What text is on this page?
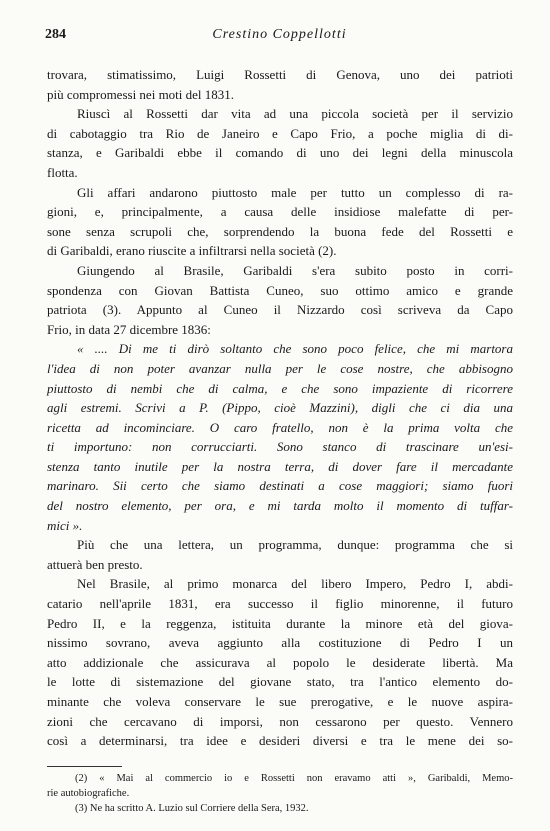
284	Crestino Coppellotti
trovara, stimatissimo, Luigi Rossetti di Genova, uno dei patrioti
più compromessi nei moti del 1831.
Riuscì al Rossetti dar vita ad una piccola società per il servizio
di cabotaggio tra Rio de Janeiro e Capo Frio, a poche miglia di di-
stanza, e Garibaldi ebbe il comando di uno dei legni della minuscola
flotta.
Gli affari andarono piuttosto male per tutto un complesso di ra-
gioni, e, principalmente, a causa delle insidiose malefatte di per-
sone senza scrupoli che, sorprendendo la buona fede del Rossetti e
di Garibaldi, erano riuscite a infiltrarsi nella società (2).
Giungendo al Brasile, Garibaldi s'era subito posto in corri-
spondenza con Giovan Battista Cuneo, suo ottimo amico e grande
patriota (3). Appunto al Cuneo il Nizzardo così scriveva da Capo
Frio, in data 27 dicembre 1836:
« .... Di me ti dirò soltanto che sono poco felice, che mi martora
l'idea di non poter avanzar nulla per le cose nostre, che abbisogno
piuttosto di nembi che di calma, e che sono impaziente di ricorrere
agli estremi. Scrivi a P. (Pippo, cioè Mazzini), digli che ci dia una
ricetta ad incominciare. O caro fratello, non è la prima volta che
ti importuno: non corrucciarti. Sono stanco di trascinare un'esi-
stenza tanto inutile per la nostra terra, di dover fare il mercadante
marinaro. Sii certo che siamo destinati a cose maggiori; siamo fuori
del nostro elemento, per ora, e mi tarda molto il momento di tuffar-
mici ».
Più che una lettera, un programma, dunque: programma che si
attuerà ben presto.
Nel Brasile, al primo monarca del libero Impero, Pedro I, abdi-
catario nell'aprile 1831, era successo il figlio minorenne, il futuro
Pedro II, e la reggenza, istituita durante la minore età del giova-
nissimo sovrano, aveva aggiunto alla costituzione di Pedro I un
atto addizionale che assicurava al popolo le desiderate libertà. Ma
le lotte di sistemazione del giovane stato, tra l'antico elemento do-
minante che voleva conservare le sue prerogative, e le nuove aspira-
zioni che cercavano di imporsi, non cessarono per questo. Vennero
così a determinarsi, tra idee e desideri diversi e tra le mene dei so-
(2) « Mai al commercio io e Rossetti non eravamo atti », Garibaldi, Memo-
rie autobiografiche.
(3) Ne ha scritto A. Luzio sul Corriere della Sera, 1932.
